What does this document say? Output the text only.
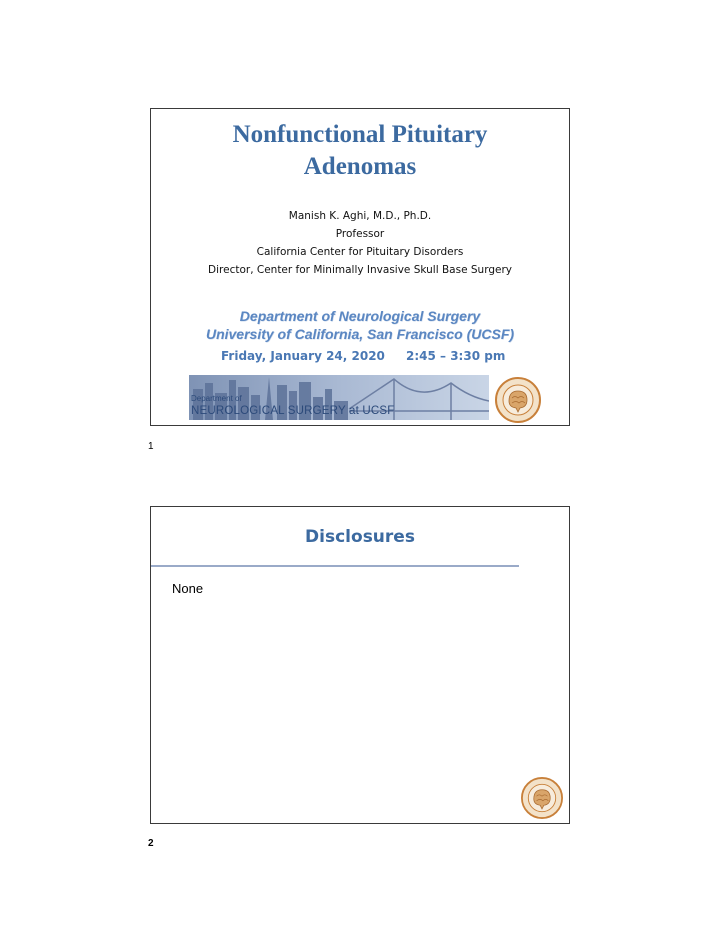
Nonfunctional Pituitary
Adenomas
Manish K. Aghi, M.D., Ph.D.
Professor
California Center for Pituitary Disorders
Director, Center for Minimally Invasive Skull Base Surgery
Department of Neurological Surgery
University of California, San Francisco (UCSF)
Friday, January 24, 2020 2:45 – 3:30 pm
Department of
NEUROLOGICAL SURGERY at UCSF
1
Disclosures
None
2
